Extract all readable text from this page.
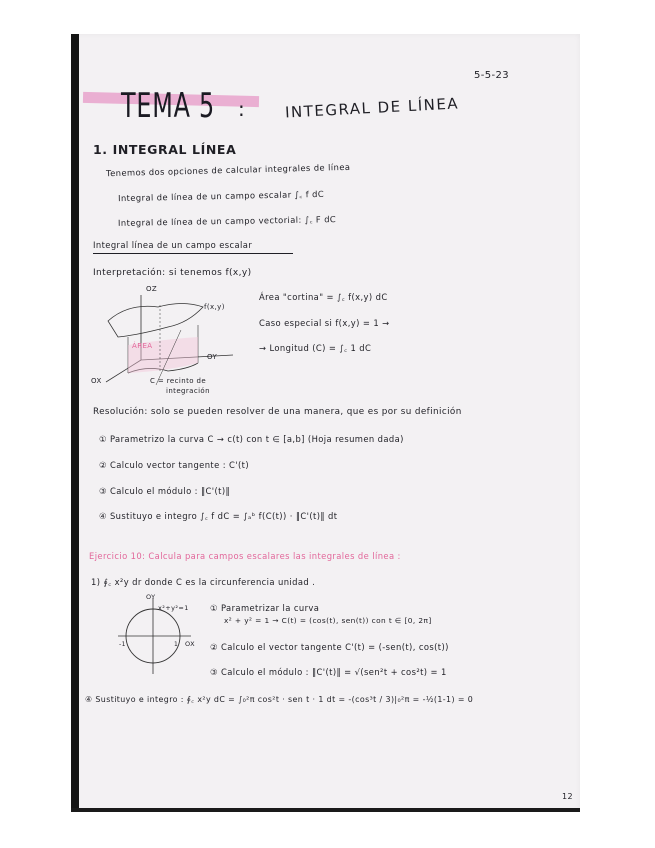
5-5-23
TEMA 5 :	INTEGRAL DE LÍNEA
1. INTEGRAL LÍNEA
Tenemos dos opciones de calcular integrales de línea
Integral de línea de un campo escalar ∫꜀ f dC
Integral de línea de un campo vectorial: ∫꜀ F dC
Integral línea de un campo escalar
Interpretación: si tenemos f(x,y)
OZ
OY
OX
f(x,y)
ÁREA
C = recinto de
integración
Área "cortina" = ∫꜀ f(x,y) dC
Caso especial si f(x,y) = 1 →
→ Longitud (C) = ∫꜀ 1 dC
Resolución: solo se pueden resolver de una manera, que es por su definición
① Parametrizo la curva C → c(t) con t ∈ [a,b] (Hoja resumen dada)
② Calculo vector tangente : C'(t)
③ Calculo el módulo : ‖C'(t)‖
④ Sustituyo e integro ∫꜀ f dC = ∫ₐᵇ f(C(t)) · ‖C'(t)‖ dt
Ejercicio 10: Calcula para campos escalares las integrales de línea :
1) ∮꜀ x²y dr donde C es la circunferencia unidad .
OY
OX
x²+y²=1
1
-1
① Parametrizar la curva
x² + y² = 1 → C(t) = (cos(t), sen(t)) con t ∈ [0, 2π]
② Calculo el vector tangente C'(t) = (-sen(t), cos(t))
③ Calculo el módulo : ‖C'(t)‖ = √(sen²t + cos²t) = 1
④ Sustituyo e integro : ∮꜀ x²y dC = ∫₀²π cos²t · sen t · 1 dt = -(cos³t / 3)|₀²π = -½(1-1) = 0
12
